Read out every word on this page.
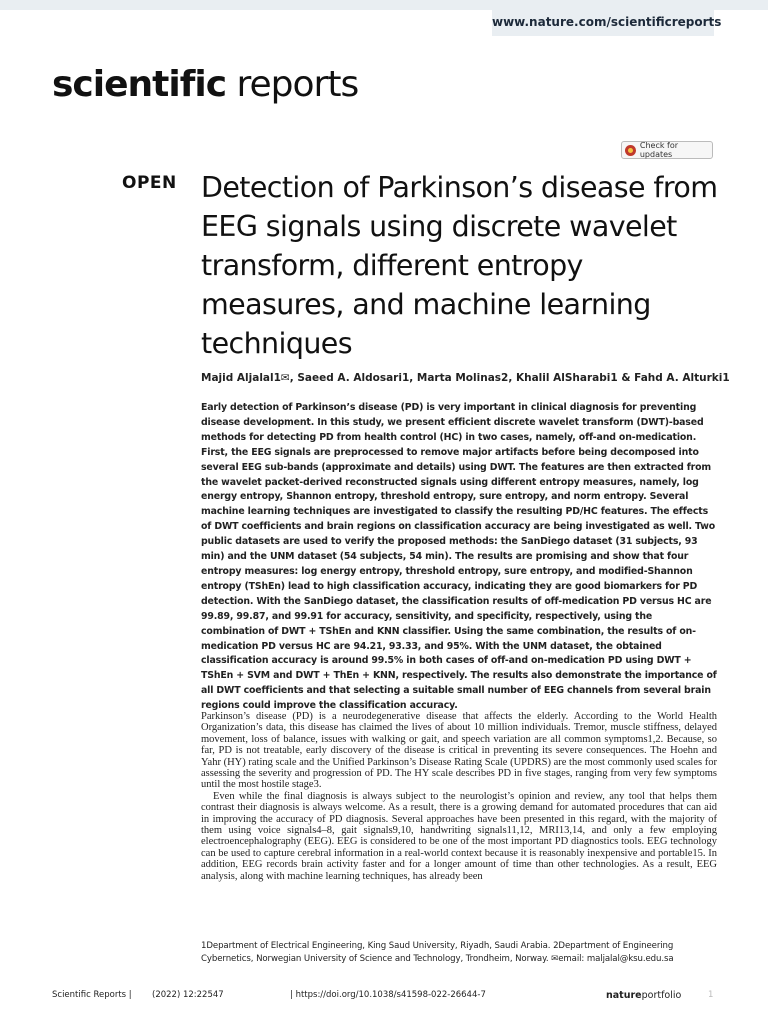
www.nature.com/scientificreports
scientific reports
Check for updates
OPEN Detection of Parkinson’s disease from EEG signals using discrete wavelet transform, different entropy measures, and machine learning techniques
Majid Aljalal1✉, Saeed A. Aldosari1, Marta Molinas2, Khalil AlSharabi1 & Fahd A. Alturki1

Early detection of Parkinson’s disease (PD) is very important in clinical diagnosis for preventing disease development. In this study, we present efficient discrete wavelet transform (DWT)-based methods for detecting PD from health control (HC) in two cases, namely, off-and on-medication. First, the EEG signals are preprocessed to remove major artifacts before being decomposed into several EEG sub-bands (approximate and details) using DWT. The features are then extracted from the wavelet packet-derived reconstructed signals using different entropy measures, namely, log energy entropy, Shannon entropy, threshold entropy, sure entropy, and norm entropy. Several machine learning techniques are investigated to classify the resulting PD/HC features. The effects of DWT coefficients and brain regions on classification accuracy are being investigated as well. Two public datasets are used to verify the proposed methods: the SanDiego dataset (31 subjects, 93 min) and the UNM dataset (54 subjects, 54 min). The results are promising and show that four entropy measures: log energy entropy, threshold entropy, sure entropy, and modified-Shannon entropy (TShEn) lead to high classification accuracy, indicating they are good biomarkers for PD detection. With the SanDiego dataset, the classification results of off-medication PD versus HC are 99.89, 99.87, and 99.91 for accuracy, sensitivity, and specificity, respectively, using the combination of DWT + TShEn and KNN classifier. Using the same combination, the results of on-medication PD versus HC are 94.21, 93.33, and 95%. With the UNM dataset, the obtained classification accuracy is around 99.5% in both cases of off-and on-medication PD using DWT + TShEn + SVM and DWT + ThEn + KNN, respectively. The results also demonstrate the importance of all DWT coefficients and that selecting a suitable small number of EEG channels from several brain regions could improve the classification accuracy.

Parkinson’s disease (PD) is a neurodegenerative disease that affects the elderly. According to the World Health Organization’s data, this disease has claimed the lives of about 10 million individuals. Tremor, muscle stiffness, delayed movement, loss of balance, issues with walking or gait, and speech variation are all common symptoms1,2. Because, so far, PD is not treatable, early discovery of the disease is critical in preventing its severe consequences. The Hoehn and Yahr (HY) rating scale and the Unified Parkinson’s Disease Rating Scale (UPDRS) are the most commonly used scales for assessing the severity and progression of PD. The HY scale describes PD in five stages, ranging from very few symptoms until the most hostile stage3.

Even while the final diagnosis is always subject to the neurologist’s opinion and review, any tool that helps them contrast their diagnosis is always welcome. As a result, there is a growing demand for automated procedures that can aid in improving the accuracy of PD diagnosis. Several approaches have been presented in this regard, with the majority of them using voice signals4–8, gait signals9,10, handwriting signals11,12, MRI13,14, and only a few employing electroencephalography (EEG). EEG is considered to be one of the most important PD diagnostics tools. EEG technology can be used to capture cerebral information in a real-world context because it is reasonably inexpensive and portable15. In addition, EEG records brain activity faster and for a longer amount of time than other technologies. As a result, EEG analysis, along with machine learning techniques, has already been

1Department of Electrical Engineering, King Saud University, Riyadh, Saudi Arabia. 2Department of Engineering Cybernetics, Norwegian University of Science and Technology, Trondheim, Norway. ✉email: maljalal@ksu.edu.sa

Scientific Reports | (2022) 12:22547	| https://doi.org/10.1038/s41598-022-26644-7	natureportfolio	1
